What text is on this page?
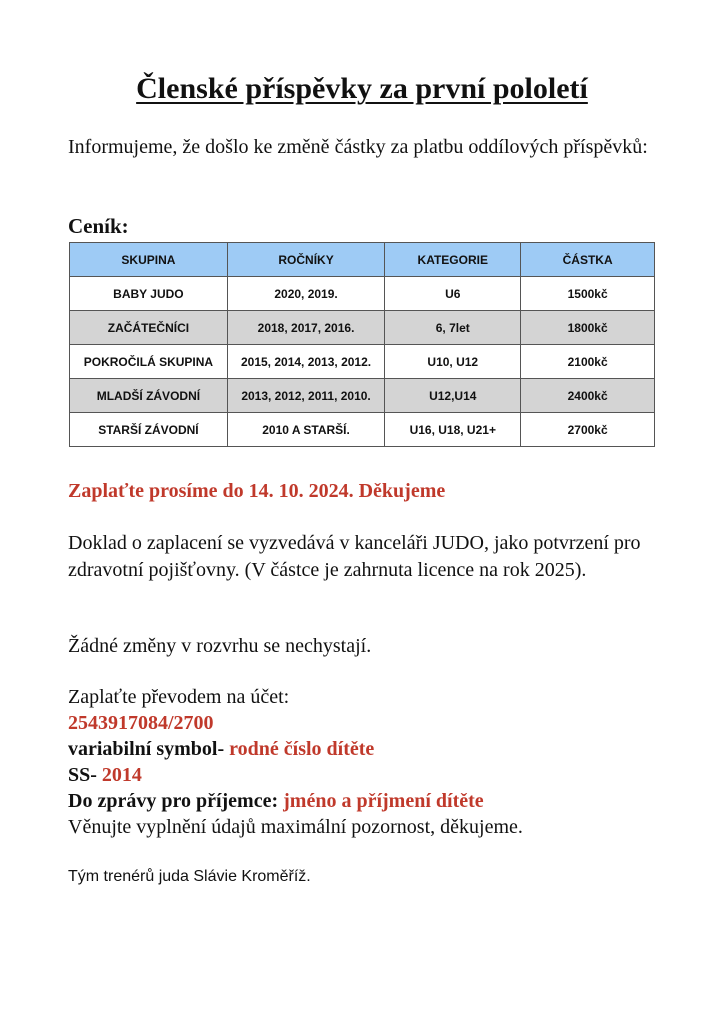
Členské příspěvky za první pololetí
Informujeme, že došlo ke změně částky za platbu oddílových příspěvků:
Ceník:
SKUPINA	ROČNÍKY	KATEGORIE	ČÁSTKA
BABY JUDO	2020, 2019.	U6	1500kč
ZAČÁTEČNÍCI	2018, 2017, 2016.	6, 7let	1800kč
POKROČILÁ SKUPINA	2015, 2014, 2013, 2012.	U10, U12	2100kč
MLADŠÍ ZÁVODNÍ	2013, 2012, 2011, 2010.	U12,U14	2400kč
STARŠÍ ZÁVODNÍ	2010 A STARŠÍ.	U16, U18, U21+	2700kč
Zaplaťte prosíme do 14. 10. 2024. Děkujeme
Doklad o zaplacení se vyzvedává v kanceláři JUDO, jako potvrzení pro zdravotní pojišťovny. (V částce je zahrnuta licence na rok 2025).
Žádné změny v rozvrhu se nechystají.
Zaplaťte převodem na účet:
2543917084/2700
variabilní symbol- rodné číslo dítěte
SS- 2014
Do zprávy pro příjemce: jméno a příjmení dítěte
Věnujte vyplnění údajů maximální pozornost, děkujeme.
Tým trenérů juda Slávie Kroměříž.
